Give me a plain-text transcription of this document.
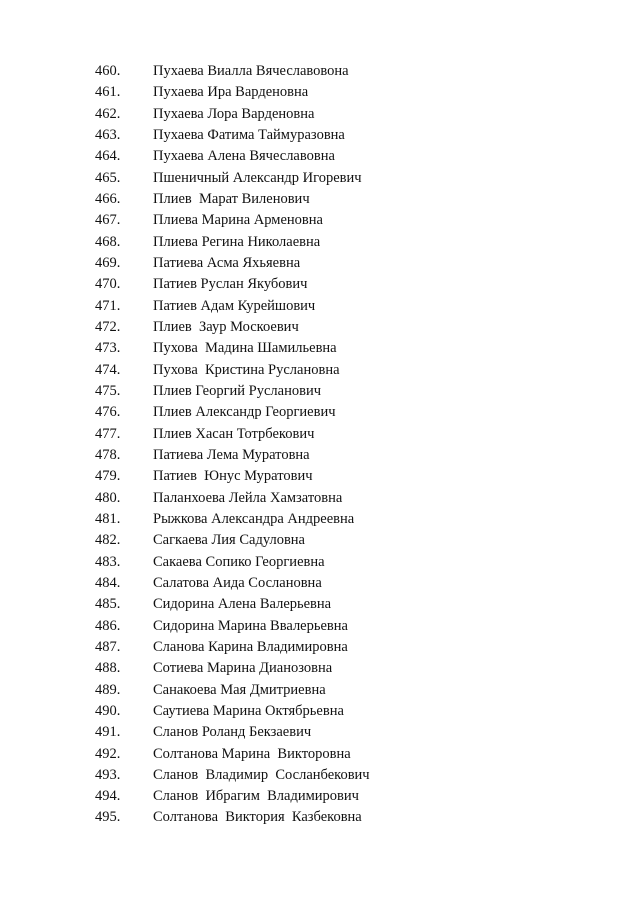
460. Пухаева Виалла Вячеславовона
461. Пухаева Ира Варденовна
462. Пухаева Лора Варденовна
463. Пухаева Фатима Таймуразовна
464. Пухаева Алена Вячеславовна
465. Пшеничный Александр Игоревич
466. Плиев  Марат Виленович
467. Плиева Марина Арменовна
468. Плиева Регина Николаевна
469. Патиева Асма Яхьяевна
470. Патиев Руслан Якубович
471. Патиев Адам Курейшович
472. Плиев  Заур Москоевич
473. Пухова  Мадина Шамильевна
474. Пухова  Кристина Руслановна
475. Плиев Георгий Русланович
476. Плиев Александр Георгиевич
477. Плиев Хасан Тотрбекович
478. Патиева Лема Муратовна
479. Патиев  Юнус Муратович
480. Паланхоева Лейла Хамзатовна
481. Рыжкова Александра Андреевна
482. Сагкаева Лия Садуловна
483. Сакаева Сопико Георгиевна
484. Салатова Аида Сослановна
485. Сидорина Алена Валерьевна
486. Сидорина Марина Ввалерьевна
487. Сланова Карина Владимировна
488. Сотиева Марина Дианозовна
489. Санакоева Мая Дмитриевна
490. Саутиева Марина Октябрьевна
491. Сланов Роланд Бекзаевич
492. Солтанова Марина  Викторовна
493. Сланов  Владимир  Сосланбекович
494. Сланов  Ибрагим  Владимирович
495. Солтанова  Виктория  Казбековна
